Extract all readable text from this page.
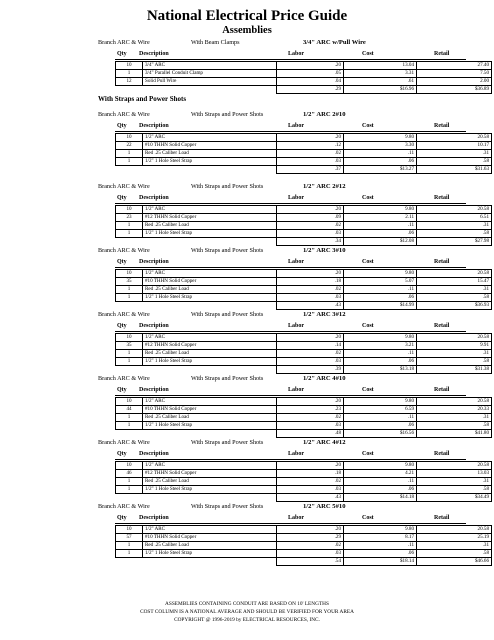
National Electrical Price Guide
Assemblies
With Straps and Power Shots
Branch ARC & Wire	With Beam Clamps	3/4" ARC w/Pull Wire
Qty Description	Labor	Cost	Retail
10	3/4" ARC	.20	13.04	27.40
1	3/4" Parallel Conduit Clamp	.05	3.31	7.50
12	Solid Pull Wire	.04	.61	2.00
		.29	$16.96	$36.89
Branch ARC & Wire	With Straps and Power Shots	1/2" ARC 2#10
Qty Description	Labor	Cost	Retail
10	1/2" ARC	.20	9.80	20.58
22	#10 THHN Solid Copper	.12	3.30	10.17
1	Red .25 Caliber Load	.02	.11	.31
1	1/2" 1 Hole Steel Strap	.03	.06	.58
		.37	$13.27	$31.63
Branch ARC & Wire	With Straps and Power Shots	1/2" ARC 2#12
Qty Description	Labor	Cost	Retail
10	1/2" ARC	.20	9.80	20.58
23	#12 THHN Solid Copper	.09	2.11	6.51
1	Red .25 Caliber Load	.02	.11	.31
1	1/2" 1 Hole Steel Strap	.03	.06	.58
		.34	$12.08	$27.98
Branch ARC & Wire	With Straps and Power Shots	1/2" ARC 3#10
Qty Description	Labor	Cost	Retail
10	1/2" ARC	.20	9.80	20.58
35	#10 THHN Solid Copper	.18	5.07	15.47
1	Red .25 Caliber Load	.02	.11	.31
1	1/2" 1 Hole Steel Strap	.03	.06	.58
		.43	$14.99	$36.93
Branch ARC & Wire	With Straps and Power Shots	1/2" ARC 3#12
Qty Description	Labor	Cost	Retail
10	1/2" ARC	.20	9.80	20.58
35	#12 THHN Solid Copper	.14	3.21	9.91
1	Red .25 Caliber Load	.02	.11	.31
1	1/2" 1 Hole Steel Strap	.03	.06	.58
		.39	$13.18	$31.38
Branch ARC & Wire	With Straps and Power Shots	1/2" ARC 4#10
Qty Description	Labor	Cost	Retail
10	1/2" ARC	.20	9.80	20.58
44	#10 THHN Solid Copper	.23	6.59	20.33
1	Red .25 Caliber Load	.02	.11	.31
1	1/2" 1 Hole Steel Strap	.03	.06	.58
		.48	$16.56	$41.80
Branch ARC & Wire	With Straps and Power Shots	1/2" ARC 4#12
Qty Description	Labor	Cost	Retail
10	1/2" ARC	.20	9.80	20.58
46	#12 THHN Solid Copper	.18	4.21	13.03
1	Red .25 Caliber Load	.02	.11	.31
1	1/2" 1 Hole Steel Strap	.03	.06	.58
		.43	$14.18	$34.49
Branch ARC & Wire	With Straps and Power Shots	1/2" ARC 5#10
Qty Description	Labor	Cost	Retail
10	1/2" ARC	.20	9.80	20.58
57	#10 THHN Solid Copper	.29	8.17	25.19
1	Red .25 Caliber Load	.02	.11	.31
1	1/2" 1 Hole Steel Strap	.03	.06	.58
		.54	$18.14	$46.66
ASSEMBLIES CONTAINING CONDUIT ARE BASED ON 10' LENGTHS
COST COLUMN IS A NATIONAL AVERAGE AND SHOULD BE VERIFIED FOR YOUR AREA
COPYRIGHT @ 1996-2019 by ELECTRICAL RESOURCES, INC.
